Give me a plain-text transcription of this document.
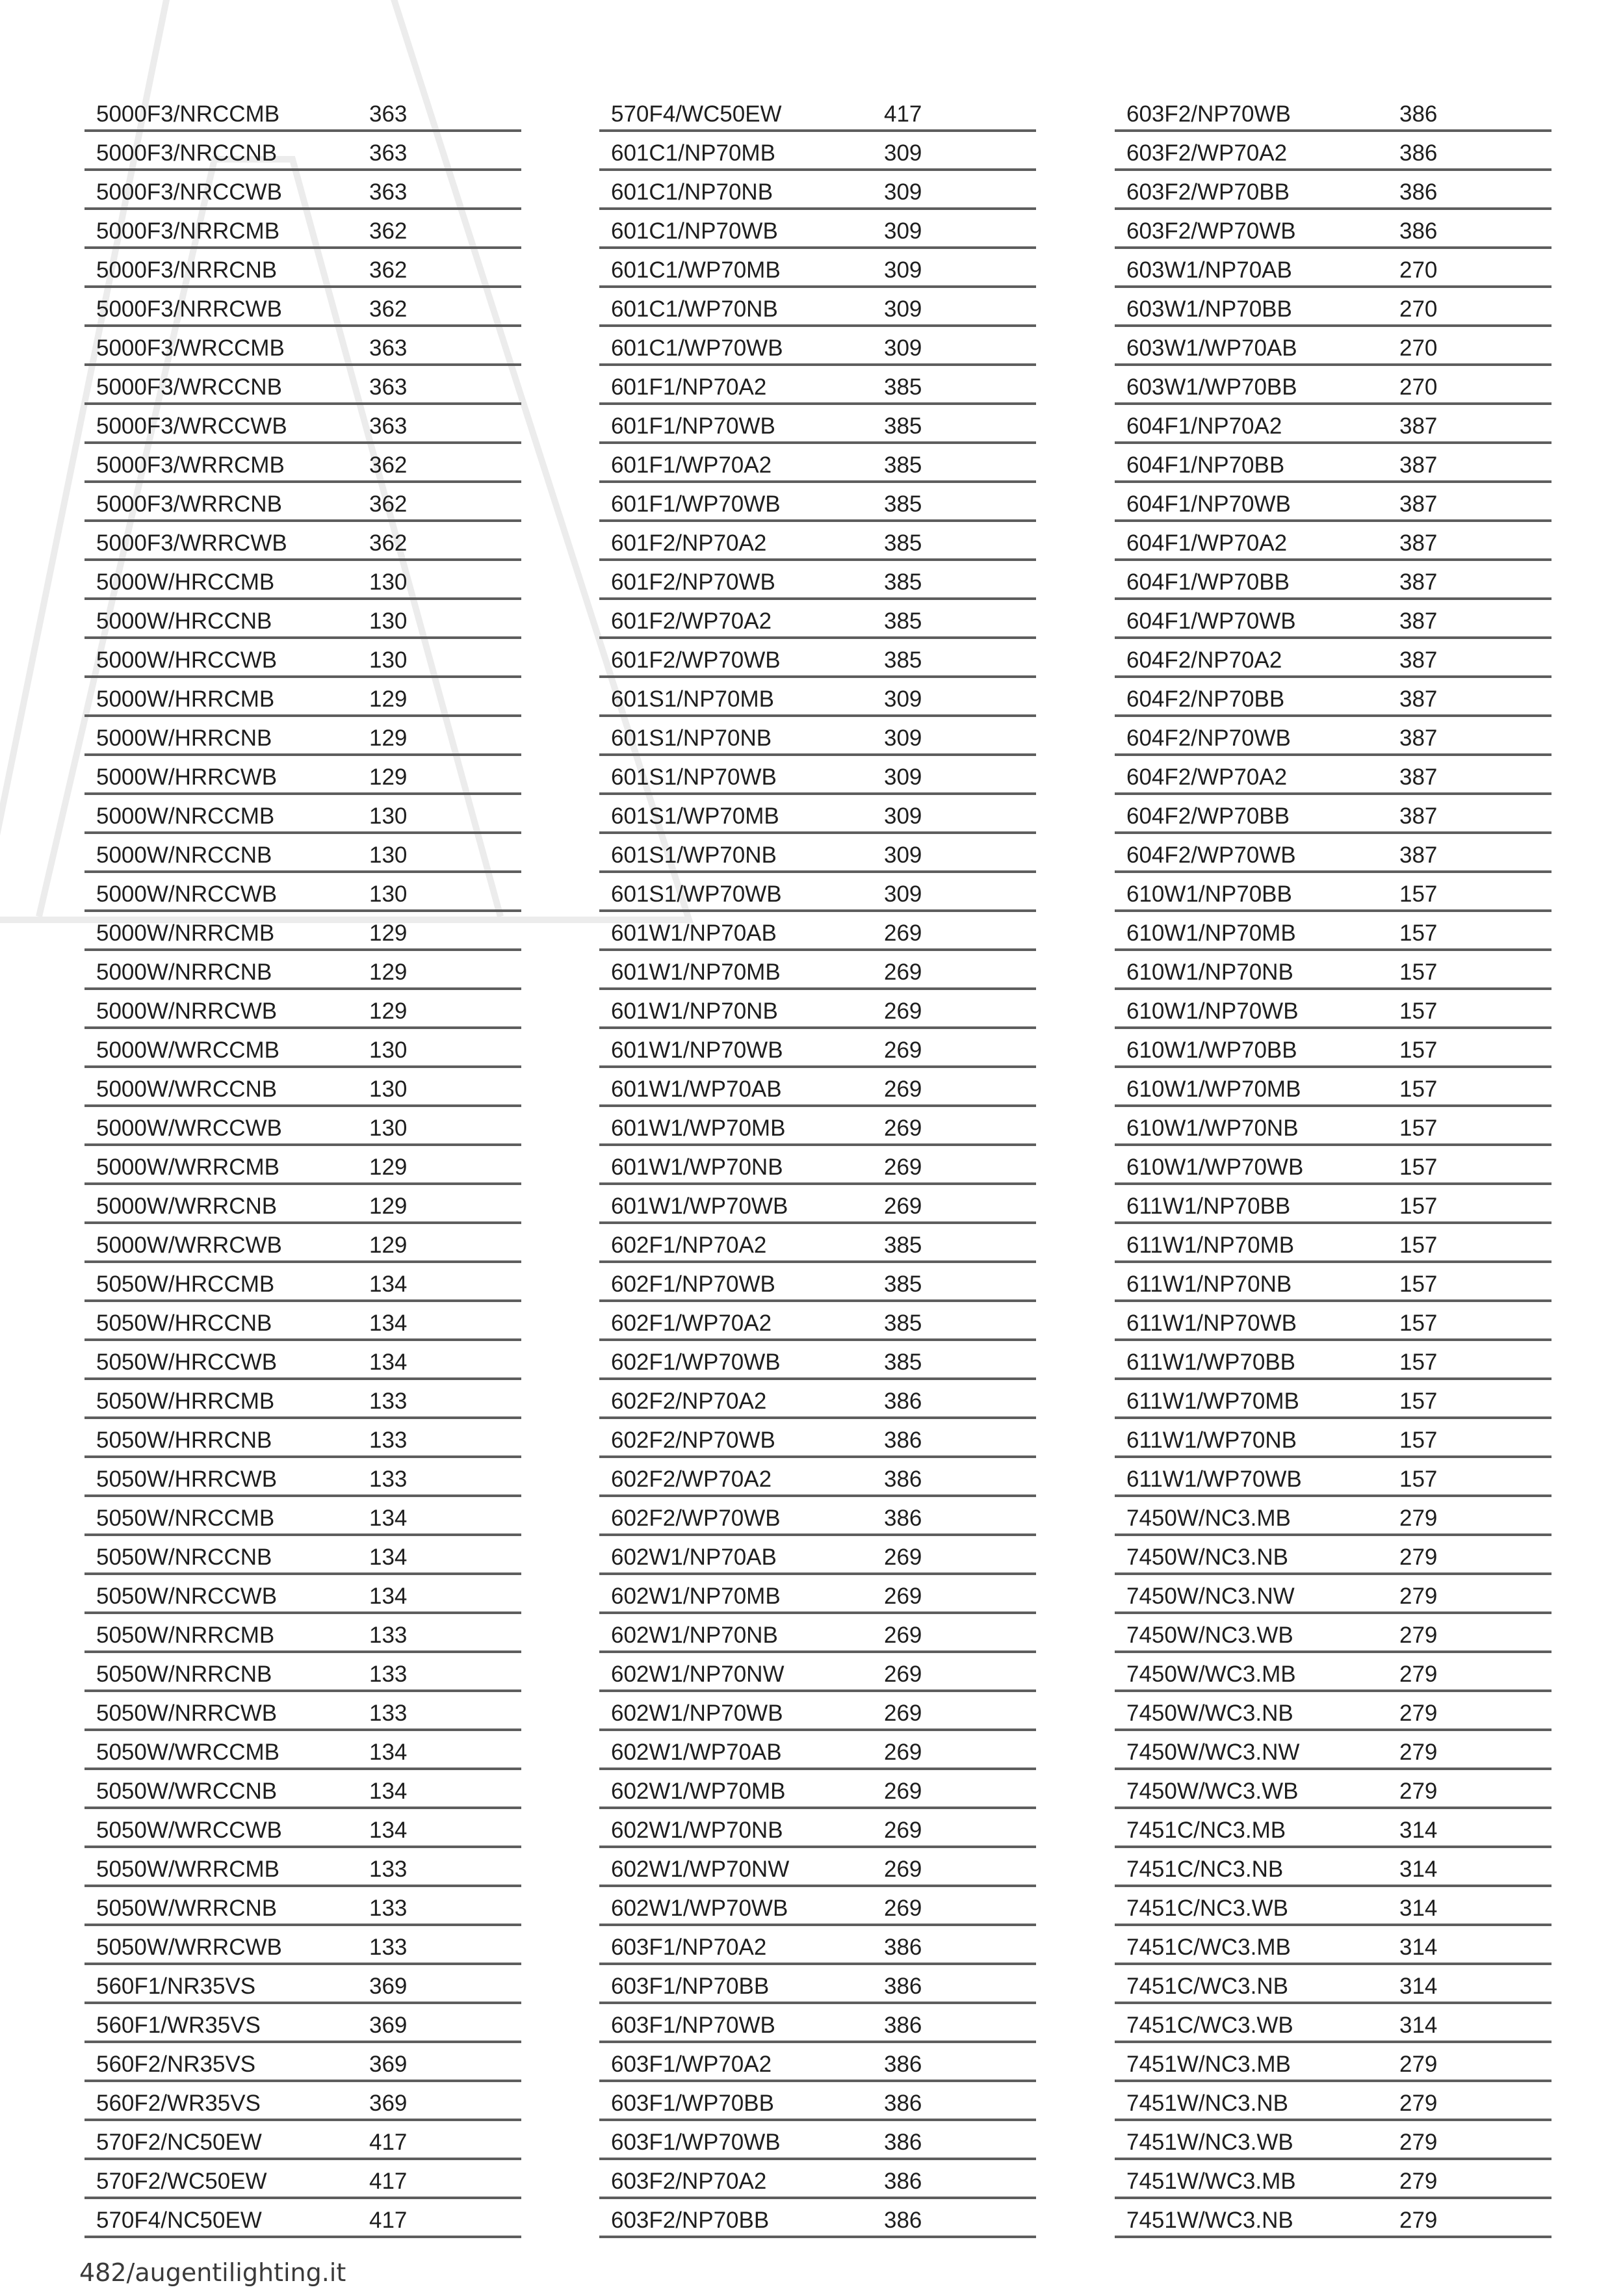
5000F3/NRCCMB	363
5000F3/NRCCNB	363
5000F3/NRCCWB	363
5000F3/NRRCMB	362
5000F3/NRRCNB	362
5000F3/NRRCWB	362
5000F3/WRCCMB	363
5000F3/WRCCNB	363
5000F3/WRCCWB	363
5000F3/WRRCMB	362
5000F3/WRRCNB	362
5000F3/WRRCWB	362
5000W/HRCCMB	130
5000W/HRCCNB	130
5000W/HRCCWB	130
5000W/HRRCMB	129
5000W/HRRCNB	129
5000W/HRRCWB	129
5000W/NRCCMB	130
5000W/NRCCNB	130
5000W/NRCCWB	130
5000W/NRRCMB	129
5000W/NRRCNB	129
5000W/NRRCWB	129
5000W/WRCCMB	130
5000W/WRCCNB	130
5000W/WRCCWB	130
5000W/WRRCMB	129
5000W/WRRCNB	129
5000W/WRRCWB	129
5050W/HRCCMB	134
5050W/HRCCNB	134
5050W/HRCCWB	134
5050W/HRRCMB	133
5050W/HRRCNB	133
5050W/HRRCWB	133
5050W/NRCCMB	134
5050W/NRCCNB	134
5050W/NRCCWB	134
5050W/NRRCMB	133
5050W/NRRCNB	133
5050W/NRRCWB	133
5050W/WRCCMB	134
5050W/WRCCNB	134
5050W/WRCCWB	134
5050W/WRRCMB	133
5050W/WRRCNB	133
5050W/WRRCWB	133
560F1/NR35VS	369
560F1/WR35VS	369
560F2/NR35VS	369
560F2/WR35VS	369
570F2/NC50EW	417
570F2/WC50EW	417
570F4/NC50EW	417
570F4/WC50EW	417
601C1/NP70MB	309
601C1/NP70NB	309
601C1/NP70WB	309
601C1/WP70MB	309
601C1/WP70NB	309
601C1/WP70WB	309
601F1/NP70A2	385
601F1/NP70WB	385
601F1/WP70A2	385
601F1/WP70WB	385
601F2/NP70A2	385
601F2/NP70WB	385
601F2/WP70A2	385
601F2/WP70WB	385
601S1/NP70MB	309
601S1/NP70NB	309
601S1/NP70WB	309
601S1/WP70MB	309
601S1/WP70NB	309
601S1/WP70WB	309
601W1/NP70AB	269
601W1/NP70MB	269
601W1/NP70NB	269
601W1/NP70WB	269
601W1/WP70AB	269
601W1/WP70MB	269
601W1/WP70NB	269
601W1/WP70WB	269
602F1/NP70A2	385
602F1/NP70WB	385
602F1/WP70A2	385
602F1/WP70WB	385
602F2/NP70A2	386
602F2/NP70WB	386
602F2/WP70A2	386
602F2/WP70WB	386
602W1/NP70AB	269
602W1/NP70MB	269
602W1/NP70NB	269
602W1/NP70NW	269
602W1/NP70WB	269
602W1/WP70AB	269
602W1/WP70MB	269
602W1/WP70NB	269
602W1/WP70NW	269
602W1/WP70WB	269
603F1/NP70A2	386
603F1/NP70BB	386
603F1/NP70WB	386
603F1/WP70A2	386
603F1/WP70BB	386
603F1/WP70WB	386
603F2/NP70A2	386
603F2/NP70BB	386
603F2/NP70WB	386
603F2/WP70A2	386
603F2/WP70BB	386
603F2/WP70WB	386
603W1/NP70AB	270
603W1/NP70BB	270
603W1/WP70AB	270
603W1/WP70BB	270
604F1/NP70A2	387
604F1/NP70BB	387
604F1/NP70WB	387
604F1/WP70A2	387
604F1/WP70BB	387
604F1/WP70WB	387
604F2/NP70A2	387
604F2/NP70BB	387
604F2/NP70WB	387
604F2/WP70A2	387
604F2/WP70BB	387
604F2/WP70WB	387
610W1/NP70BB	157
610W1/NP70MB	157
610W1/NP70NB	157
610W1/NP70WB	157
610W1/WP70BB	157
610W1/WP70MB	157
610W1/WP70NB	157
610W1/WP70WB	157
611W1/NP70BB	157
611W1/NP70MB	157
611W1/NP70NB	157
611W1/NP70WB	157
611W1/WP70BB	157
611W1/WP70MB	157
611W1/WP70NB	157
611W1/WP70WB	157
7450W/NC3.MB	279
7450W/NC3.NB	279
7450W/NC3.NW	279
7450W/NC3.WB	279
7450W/WC3.MB	279
7450W/WC3.NB	279
7450W/WC3.NW	279
7450W/WC3.WB	279
7451C/NC3.MB	314
7451C/NC3.NB	314
7451C/NC3.WB	314
7451C/WC3.MB	314
7451C/WC3.NB	314
7451C/WC3.WB	314
7451W/NC3.MB	279
7451W/NC3.NB	279
7451W/NC3.WB	279
7451W/WC3.MB	279
7451W/WC3.NB	279
482/augentilighting.it
